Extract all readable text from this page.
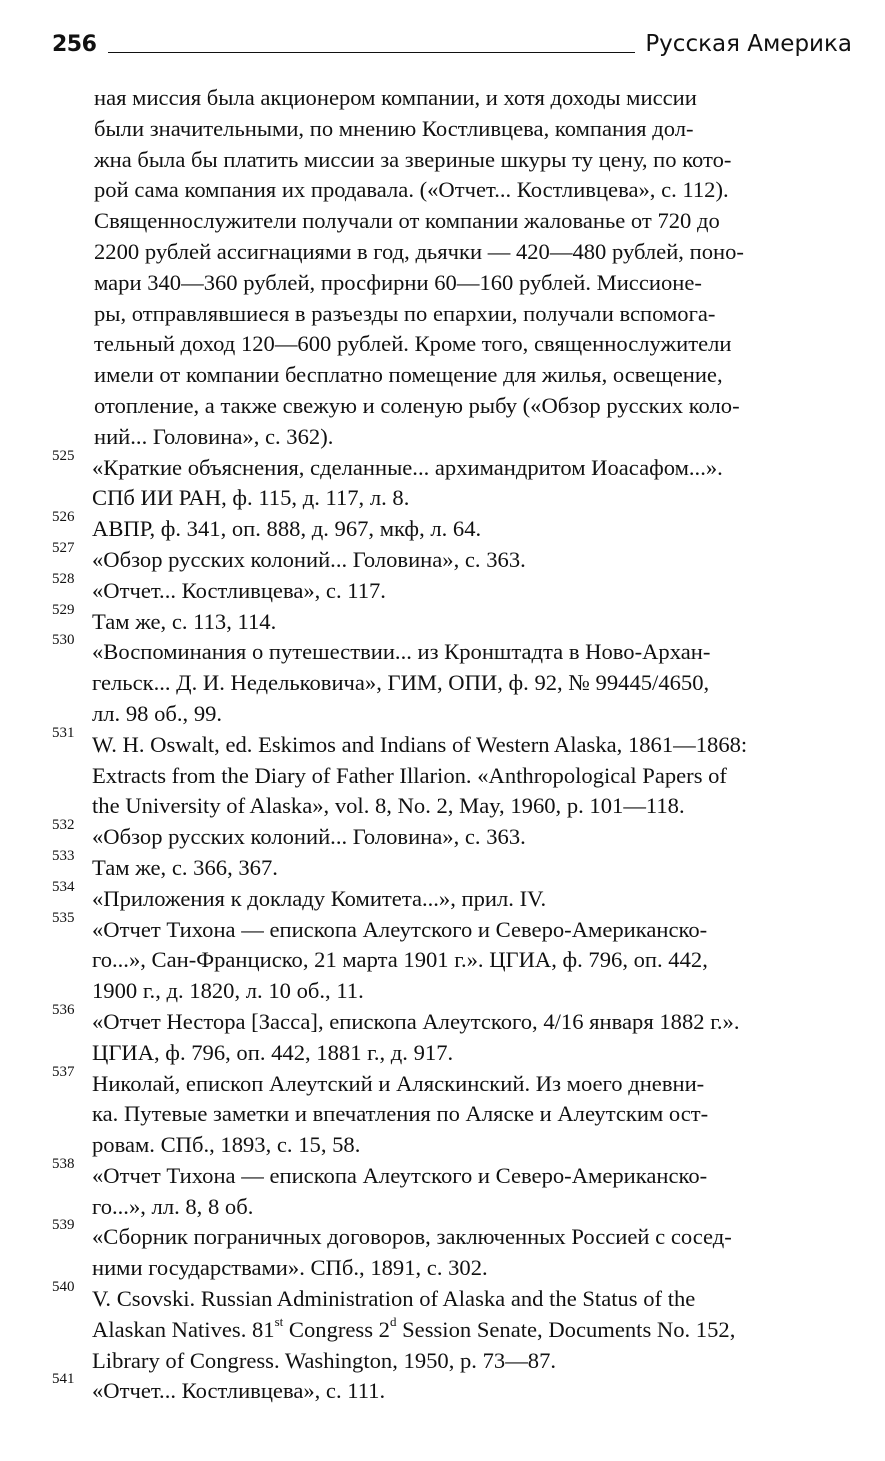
256	Русская Америка
ная миссия была акционером компании, и хотя доходы миссии
были значительными, по мнению Костливцева, компания дол-
жна была бы платить миссии за звериные шкуры ту цену, по кото-
рой сама компания их продавала. («Отчет... Костливцева», с. 112).
Священнослужители получали от компании жалованье от 720 до
2200 рублей ассигнациями в год, дьячки — 420—480 рублей, поно-
мари 340—360 рублей, просфирни 60—160 рублей. Миссионе-
ры, отправлявшиеся в разъезды по епархии, получали вспомога-
тельный доход 120—600 рублей. Кроме того, священнослужители
имели от компании бесплатно помещение для жилья, освещение,
отопление, а также свежую и соленую рыбу («Обзор русских коло-
ний... Головина», с. 362).
525 «Краткие объяснения, сделанные... архимандритом Иоасафом...».
СПб ИИ РАН, ф. 115, д. 117, л. 8.
526 АВПР, ф. 341, оп. 888, д. 967, мкф, л. 64.
527 «Обзор русских колоний... Головина», с. 363.
528 «Отчет... Костливцева», с. 117.
529 Там же, с. 113, 114.
530 «Воспоминания о путешествии... из Кронштадта в Ново-Архан-
гельск... Д. И. Недельковича», ГИМ, ОПИ, ф. 92, № 99445/4650,
лл. 98 об., 99.
531 W. H. Oswalt, ed. Eskimos and Indians of Western Alaska, 1861—1868:
Extracts from the Diary of Father Illarion. «Anthropological Papers of
the University of Alaska», vol. 8, No. 2, May, 1960, p. 101—118.
532 «Обзор русских колоний... Головина», с. 363.
533 Там же, с. 366, 367.
534 «Приложения к докладу Комитета...», прил. IV.
535 «Отчет Тихона — епископа Алеутского и Северо-Американско-
го...», Сан-Франциско, 21 марта 1901 г.». ЦГИА, ф. 796, оп. 442,
1900 г., д. 1820, л. 10 об., 11.
536 «Отчет Нестора [Засса], епископа Алеутского, 4/16 января 1882 г.».
ЦГИА, ф. 796, оп. 442, 1881 г., д. 917.
537 Николай, епископ Алеутский и Аляскинский. Из моего дневни-
ка. Путевые заметки и впечатления по Аляске и Алеутским ост-
ровам. СПб., 1893, с. 15, 58.
538 «Отчет Тихона — епископа Алеутского и Северо-Американско-
го...», лл. 8, 8 об.
539 «Сборник пограничных договоров, заключенных Россией с сосед-
ними государствами». СПб., 1891, с. 302.
540 V. Csovski. Russian Administration of Alaska and the Status of the
Alaskan Natives. 81st Congress 2$^d$ Session Senate, Documents No. 152,
Library of Congress. Washington, 1950, p. 73—87.
541 «Отчет... Костливцева», с. 111.
